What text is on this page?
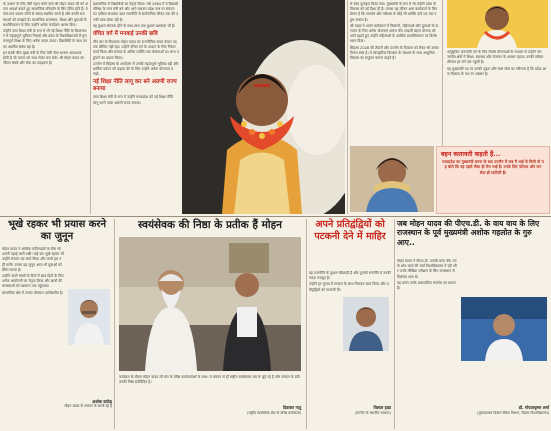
के उत्थान के लिए ऐसी पहल करने वाले श्री मोहन यादव जी को अपना आदर्श बताते हुए सामाजिक परिवर्तन के लिए प्रेरित होते हैं। वे गांव-गांव जाकर लोगों से संवाद स्थापित करते हैं और उनकी समस्याओं को समझते हैं। सामाजिक समरसता, शिक्षा और युवाओं के सशक्तिकरण के लिए उन्होंने अनेक कार्यक्रम आरंभ किए।

उन्होंने उच्च शिक्षा मंत्री के रूप में भी नई शिक्षा नीति के क्रियान्वयन में महत्वपूर्ण भूमिका निभाई और प्रदेश के विश्वविद्यालयों में गुणवत्तापूर्ण शिक्षा के लिए अनेक कदम उठाए। विद्यार्थियों के साथ उनका आत्मीय संबंध रहा है।

इन सबके बीच मुख्य मंत्री के लिए ऐसी सेवा भावना आवश्यक होती है जो जनता को साथ लेकर चल सके। श्री मोहन यादव का जीवन संघर्ष और सेवा का उदाहरण है।

प्रशासनिक में विद्यार्थियों का नेतृत्व किया। वर्ष 1984 में वे विद्यार्थी परिषद के नगर मंत्री बने और आगे चलकर प्रदेश स्तर पर संगठन का दायित्व संभाला। छात्र राजनीति से सार्वजनिक जीवन तक की उनकी यात्रा प्रेरक रही है।

वह कुशल संगठक होने के साथ-साथ एक कुशल प्रशासक भी हैं।

वंचित वर्ग में मनवाई उनकी छवि

तीन बार के विधायक मोहन यादव का राजनीतिक सफर केवल पद तक सीमित नहीं रहा। उन्होंने वंचित वर्ग के उत्थान के लिए निरंतर कार्य किया और समाज के अंतिम व्यक्ति तक योजनाओं का लाभ पहुंचाने का प्रयास किया।

उज्जैन में सिंहस्थ के आयोजन में उनकी महत्वपूर्ण भूमिका रही और धार्मिक पर्यटन को बढ़ावा देने के लिए उन्होंने अनेक योजनाएं बनाईं।

नई शिक्षा नीति लागू कर बने अग्रणी राज्य बनाया

उच्च शिक्षा मंत्री के रूप में उन्होंने मध्यप्रदेश को नई शिक्षा नीति लागू करने वाला अग्रणी राज्य बनाया।

से स्वयं पुरस्कृत किया गया। मुख्यमंत्री के रूप में भी उन्होंने प्रदेश के विकास को नई दिशा दी है। उनका यह जीवन आम कार्यकर्ता के लिए प्रेरणा है कि समर्पण और परिश्रम से कोई भी व्यक्ति ऊंचे पद तक पहुंच सकता है।

श्री यादव ने अपने कार्यकाल में किसानों, महिलाओं और युवाओं के कल्याण के लिए अनेक योजनाएं आरंभ कीं। लाड़ली बहना योजना को आगे बढ़ाते हुए उन्होंने महिलाओं के आर्थिक सशक्तिकरण पर विशेष ध्यान दिया।

सिंहस्थ 2028 की तैयारी और उज्जैन के विकास को लेकर भी उनका विजन स्पष्ट है। वे सांस्कृतिक विरासत के संरक्षण के साथ आधुनिक विकास का संतुलन बनाना चाहते हैं।

अनुसूचित जनजाति वर्ग के लिए विशेष योजनाओं के माध्यम से उन्होंने जनजातीय क्षेत्रों में शिक्षा, स्वास्थ्य और रोजगार के अवसर बढ़ाए। उनकी संवेदनशीलता हर वर्ग तक पहुंची है।

यह मुख्यमंत्री पद पर उनकी दृढ़ता और स्पष्ट सोच का परिणाम है कि प्रदेश आज विकास के पथ पर अग्रसर है।

बहन कलावती कहती हैं...
मध्यप्रदेश का मुख्यमंत्री बनना के बाद उज्जैन में जब मैं भाई से मिली तो वह बोले कि वह पहले जैसा ही मेरा भाई है। उनके लिए परिवार और जनसेवा ही सर्वोपरि हैं।
भूखे रहकर भी प्रयास करने का जुनून

मोहन यादव ने आर्थिक कठिनाइयों के बीच भी अपनी पढ़ाई जारी रखी। कई बार भूखे रहकर भी उन्होंने संगठन का कार्य किया और कभी हार नहीं मानी। उनका यह जुनून आज भी युवाओं को प्रेरित करता है।

उन्होंने अपने संघर्ष के दिनों में छात्र हितों के लिए अनेक आंदोलनों का नेतृत्व किया और छात्रों की समस्याओं को प्रशासन तक पहुंचाया।

सामाजिक क्षेत्र में उनका योगदान उल्लेखनीय है।

अशोक कांठेड़
मोहन यादव के बचपन के साथी रहे हैं
स्वयंसेवक की निष्ठा के प्रतीक हैं मोहन
कार्यक्रम के दौरान मोहन यादव जी संघ के वरिष्ठ कार्यकर्ताओं के साथ। वे बचपन से ही राष्ट्रीय स्वयंसेवक संघ से जुड़े रहे हैं और संगठन के प्रति उनकी निष्ठा सर्वविदित है।
दिवाकर नातू
(राष्ट्रीय स्वयंसेवक संघ के वरिष्ठ कार्यकर्ता)
अपने प्रतिद्वंद्वियों को पटकनी देने में माहिर

वह राजनीति के कुशल खिलाड़ी हैं और चुनावी रणनीति में उनकी पकड़ मजबूत है।

उन्होंने हर चुनाव में संगठन के साथ मिलकर काम किया और प्रतिद्वंद्वियों को पटकनी दी।

विशाल हाडा
(उज्जैन के स्थानीय पत्रकार)
जब मोहन यादव की पीएच.डी. के वाय वाय के लिए राजस्थान के पूर्व मुख्यमंत्री अशोक गहलोत के गुरु आए..

मोहन यादव ने पीएच.डी. उपाधि प्राप्त की। उनके शोध कार्य की चर्चा विश्वविद्यालय में रही और उनके मौखिक परीक्षण के लिए राजस्थान से विशेषज्ञ आए थे।

यह प्रसंग उनके अकादमिक समर्पण का प्रमाण है।

डॉ. गोपालकृष्ण शर्मा
(पुस्तकालय विज्ञान विषय विभाग, विक्रम विश्वविद्यालय)
